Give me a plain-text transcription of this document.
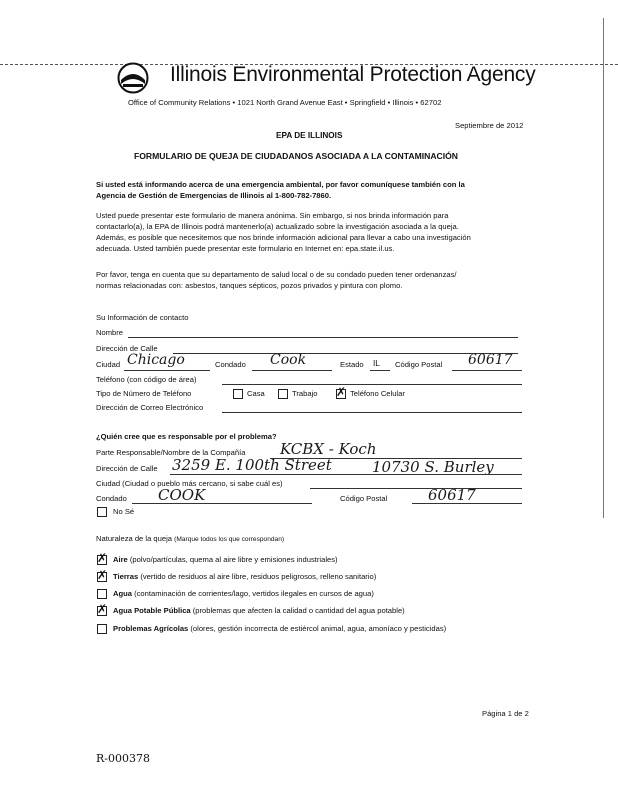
Illinois Environmental Protection Agency
Office of Community Relations • 1021 North Grand Avenue East • Springfield • Illinois • 62702
Septiembre de 2012
EPA DE ILLINOIS
FORMULARIO DE QUEJA DE CIUDADANOS ASOCIADA A LA CONTAMINACIÓN
Si usted está informando acerca de una emergencia ambiental, por favor comuníquese también con la
Agencia de Gestión de Emergencias de Illinois al 1-800-782-7860.
Usted puede presentar este formulario de manera anónima. Sin embargo, si nos brinda información para
contactarlo(a), la EPA de Illinois podrá mantenerlo(a) actualizado sobre la investigación asociada a la queja.
Además, es posible que necesitemos que nos brinde información adicional para llevar a cabo una investigación
adecuada. Usted también puede presentar este formulario en Internet en: epa.state.il.us.
Por favor, tenga en cuenta que su departamento de salud local o de su condado pueden tener ordenanzas/
normas relacionadas con: asbestos, tanques sépticos, pozos privados y pintura con plomo.
Su Información de contacto
Nombre
Dirección de Calle
Ciudad Chicago	Condado Cook	Estado IL Código Postal 60617
Teléfono (con código de área)
Tipo de Número de Teléfono	Casa	Trabajo
✗	Teléfono Celular
Dirección de Correo Electrónico
¿Quién cree que es responsable por el problema?
Parte Responsable/Nombre de la Compañía KCBX - Koch
Dirección de Calle 3259 E. 100th Street	10730 S. Burley
Ciudad (Ciudad o pueblo más cercano, si sabe cuál es)
Condado COOK	Código Postal	60617
No Sé
Naturaleza de la queja (Marque todos los que correspondan)
✗
Aire (polvo/partículas, quema al aire libre y emisiones industriales)
✗
Tierras (vertido de residuos al aire libre, residuos peligrosos, relleno sanitario)
Agua (contaminación de corrientes/lago, vertidos ilegales en cursos de agua)
✗
Agua Potable Pública (problemas que afecten la calidad o cantidad del agua potable)
Problemas Agrícolas (olores, gestión incorrecta de estiércol animal, agua, amoníaco y pesticidas)
Página 1 de 2
R-000378
